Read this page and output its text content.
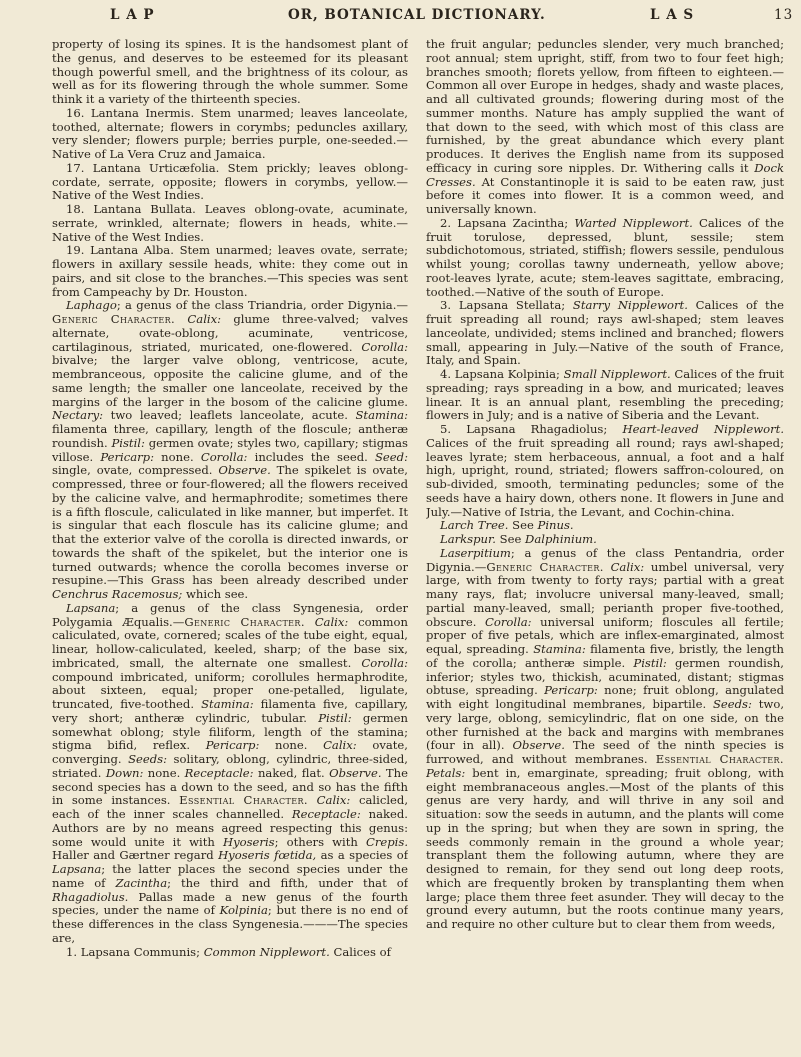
L A P	OR, BOTANICAL DICTIONARY.	L A S	13

property of losing its spines. It is the handsomest plant of the genus, and deserves to be esteemed for its pleasant though powerful smell, and the brightness of its colour, as well as for its flowering through the whole summer. Some think it a variety of the thirteenth species.

16. Lantana Inermis. Stem unarmed; leaves lanceolate, toothed, alternate; flowers in corymbs; peduncles axillary, very slender; flowers purple; berries purple, one-seeded.—Native of La Vera Cruz and Jamaica.

17. Lantana Urticæfolia. Stem prickly; leaves oblong-cordate, serrate, opposite; flowers in corymbs, yellow.—Native of the West Indies.

18. Lantana Bullata. Leaves oblong-ovate, acuminate, serrate, wrinkled, alternate; flowers in heads, white.—Native of the West Indies.

19. Lantana Alba. Stem unarmed; leaves ovate, serrate; flowers in axillary sessile heads, white: they come out in pairs, and sit close to the branches.—This species was sent from Campeachy by Dr. Houston.

Laphago; a genus of the class Triandria, order Digynia.—Generic Character. Calix: glume three-valved; valves alternate, ovate-oblong, acuminate, ventricose, cartilaginous, striated, muricated, one-flowered. Corolla: bivalve; the larger valve oblong, ventricose, acute, membranceous, opposite the calicine glume, and of the same length; the smaller one lanceolate, received by the margins of the larger in the bosom of the calicine glume. Nectary: two leaved; leaflets lanceolate, acute. Stamina: filamenta three, capillary, length of the floscule; antheræ roundish. Pistil: germen ovate; styles two, capillary; stigmas villose. Pericarp: none. Corolla: includes the seed. Seed: single, ovate, compressed. Observe. The spikelet is ovate, compressed, three or four-flowered; all the flowers received by the calicine valve, and hermaphrodite; sometimes there is a fifth floscule, caliculated in like manner, but imperfet. It is singular that each floscule has its calicine glume; and that the exterior valve of the corolla is directed inwards, or towards the shaft of the spikelet, but the interior one is turned outwards; whence the corolla becomes inverse or resupine.—This Grass has been already described under Cenchrus Racemosus; which see.

Lapsana; a genus of the class Syngenesia, order Polygamia Æqualis.—Generic Character. Calix: common caliculated, ovate, cornered; scales of the tube eight, equal, linear, hollow-caliculated, keeled, sharp; of the base six, imbricated, small, the alternate one smallest. Corolla: compound imbricated, uniform; corollules hermaphrodite, about sixteen, equal; proper one-petalled, ligulate, truncated, five-toothed. Stamina: filamenta five, capillary, very short; antheræ cylindric, tubular. Pistil: germen somewhat oblong; style filiform, length of the stamina; stigma bifid, reflex. Pericarp: none. Calix: ovate, converging. Seeds: solitary, oblong, cylindric, three-sided, striated. Down: none. Receptacle: naked, flat. Observe. The second species has a down to the seed, and so has the fifth in some instances. Essential Character. Calix: calicled, each of the inner scales channelled. Receptacle: naked. Authors are by no means agreed respecting this genus: some would unite it with Hyoseris; others with Crepis. Haller and Gærtner regard Hyoseris fœtida, as a species of Lapsana; the latter places the second species under the name of Zacintha; the third and fifth, under that of Rhagadiolus. Pallas made a new genus of the fourth species, under the name of Kolpinia; but there is no end of these differences in the class Syngenesia.———The species are,

1. Lapsana Communis; Common Nipplewort. Calices of

the fruit angular; peduncles slender, very much branched; root annual; stem upright, stiff, from two to four feet high; branches smooth; florets yellow, from fifteen to eighteen.—Common all over Europe in hedges, shady and waste places, and all cultivated grounds; flowering during most of the summer months. Nature has amply supplied the want of that down to the seed, with which most of this class are furnished, by the great abundance which every plant produces. It derives the English name from its supposed efficacy in curing sore nipples. Dr. Withering calls it Dock Cresses. At Constantinople it is said to be eaten raw, just before it comes into flower. It is a common weed, and universally known.

2. Lapsana Zacintha; Warted Nipplewort. Calices of the fruit torulose, depressed, blunt, sessile; stem subdichotomous, striated, stiffish; flowers sessile, pendulous whilst young; corollas tawny underneath, yellow above; root-leaves lyrate, acute; stem-leaves sagittate, embracing, toothed.—Native of the south of Europe.

3. Lapsana Stellata; Starry Nipplewort. Calices of the fruit spreading all round; rays awl-shaped; stem leaves lanceolate, undivided; stems inclined and branched; flowers small, appearing in July.—Native of the south of France, Italy, and Spain.

4. Lapsana Kolpinia; Small Nipplewort. Calices of the fruit spreading; rays spreading in a bow, and muricated; leaves linear. It is an annual plant, resembling the preceding; flowers in July; and is a native of Siberia and the Levant.

5. Lapsana Rhagadiolus; Heart-leaved Nipplewort. Calices of the fruit spreading all round; rays awl-shaped; leaves lyrate; stem herbaceous, annual, a foot and a half high, upright, round, striated; flowers saffron-coloured, on sub-divided, smooth, terminating peduncles; some of the seeds have a hairy down, others none. It flowers in June and July.—Native of Istria, the Levant, and Cochin-china.

Larch Tree. See Pinus.

Larkspur. See Dalphinium.

Laserpitium; a genus of the class Pentandria, order Digynia.—Generic Character. Calix: umbel universal, very large, with from twenty to forty rays; partial with a great many rays, flat; involucre universal many-leaved, small; partial many-leaved, small; perianth proper five-toothed, obscure. Corolla: universal uniform; floscules all fertile; proper of five petals, which are inflex-emarginated, almost equal, spreading. Stamina: filamenta five, bristly, the length of the corolla; antheræ simple. Pistil: germen roundish, inferior; styles two, thickish, acuminated, distant; stigmas obtuse, spreading. Pericarp: none; fruit oblong, angulated with eight longitudinal membranes, bipartile. Seeds: two, very large, oblong, semicylindric, flat on one side, on the other furnished at the back and margins with membranes (four in all). Observe. The seed of the ninth species is furrowed, and without membranes. Essential Character. Petals: bent in, emarginate, spreading; fruit oblong, with eight membranaceous angles.—Most of the plants of this genus are very hardy, and will thrive in any soil and situation: sow the seeds in autumn, and the plants will come up in the spring; but when they are sown in spring, the seeds commonly remain in the ground a whole year; transplant them the following autumn, where they are designed to remain, for they send out long deep roots, which are frequently broken by transplanting them when large; place them three feet asunder. They will decay to the ground every autumn, but the roots continue many years, and require no other culture but to clear them from weeds,
